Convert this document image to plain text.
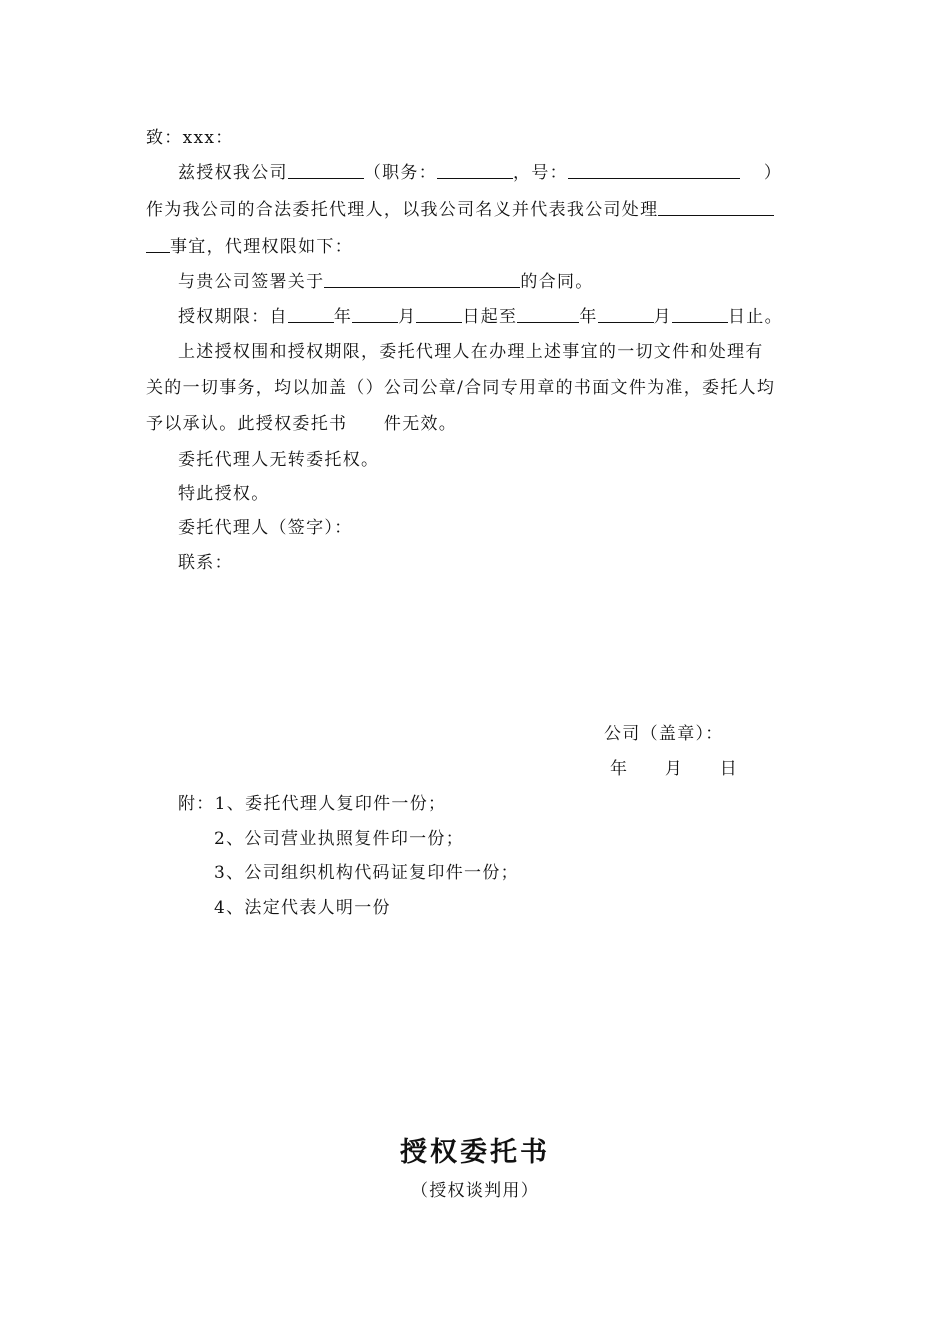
致：xxx：
兹授权我公司	（职务：	，号：	）
作为我公司的合法委托代理人，以我公司名义并代表我公司处理
事宜，代理权限如下：
与贵公司签署关于	的合同。
授权期限：自	年	月	日起至	年	月	日止。
上述授权围和授权期限，委托代理人在办理上述事宜的一切文件和处理有
关的一切事务，均以加盖（）公司公章/合同专用章的书面文件为准，委托人均
予以承认。此授权委托书　　件无效。
委托代理人无转委托权。
特此授权。
委托代理人（签字）：
联系：
公司（盖章）：
年　　月　　日
附：1、委托代理人复印件一份；
2、公司营业执照复件印一份；
3、公司组织机构代码证复印件一份；
4、法定代表人明一份
授权委托书
（授权谈判用）
